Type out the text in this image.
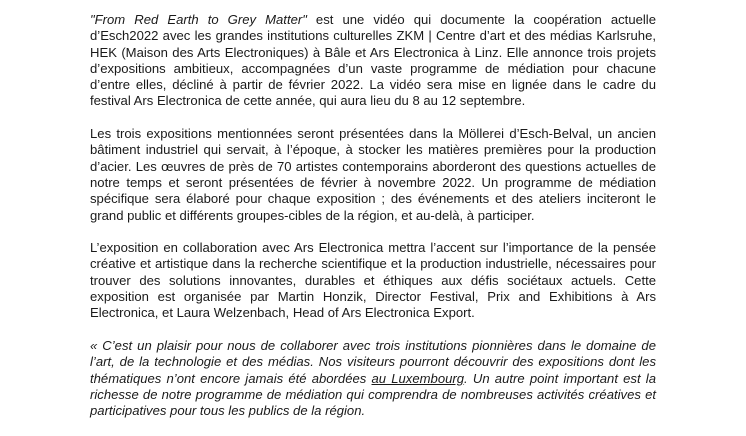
"From Red Earth to Grey Matter" est une vidéo qui documente la coopération actuelle d’Esch2022 avec les grandes institutions culturelles ZKM | Centre d’art et des médias Karlsruhe, HEK (Maison des Arts Electroniques) à Bâle et Ars Electronica à Linz. Elle annonce trois projets d’expositions ambitieux, accompagnées d’un vaste programme de médiation pour chacune d’entre elles, décliné à partir de février 2022. La vidéo sera mise en lignée dans le cadre du festival Ars Electronica de cette année, qui aura lieu du 8 au 12 septembre.

Les trois expositions mentionnées seront présentées dans la Möllerei d’Esch-Belval, un ancien bâtiment industriel qui servait, à l’époque, à stocker les matières premières pour la production d’acier. Les œuvres de près de 70 artistes contemporains aborderont des questions actuelles de notre temps et seront présentées de février à novembre 2022. Un programme de médiation spécifique sera élaboré pour chaque exposition ; des événements et des ateliers inciteront le grand public et différents groupes-cibles de la région, et au-delà, à participer.

L’exposition en collaboration avec Ars Electronica mettra l’accent sur l’importance de la pensée créative et artistique dans la recherche scientifique et la production industrielle, nécessaires pour trouver des solutions innovantes, durables et éthiques aux défis sociétaux actuels. Cette exposition est organisée par Martin Honzik, Director Festival, Prix and Exhibitions à Ars Electronica, et Laura Welzenbach, Head of Ars Electronica Export.

« C’est un plaisir pour nous de collaborer avec trois institutions pionnières dans le domaine de l’art, de la technologie et des médias. Nos visiteurs pourront découvrir des expositions dont les thématiques n’ont encore jamais été abordées au Luxembourg. Un autre point important est la richesse de notre programme de médiation qui comprendra de nombreuses activités créatives et participatives pour tous les publics de la région.
